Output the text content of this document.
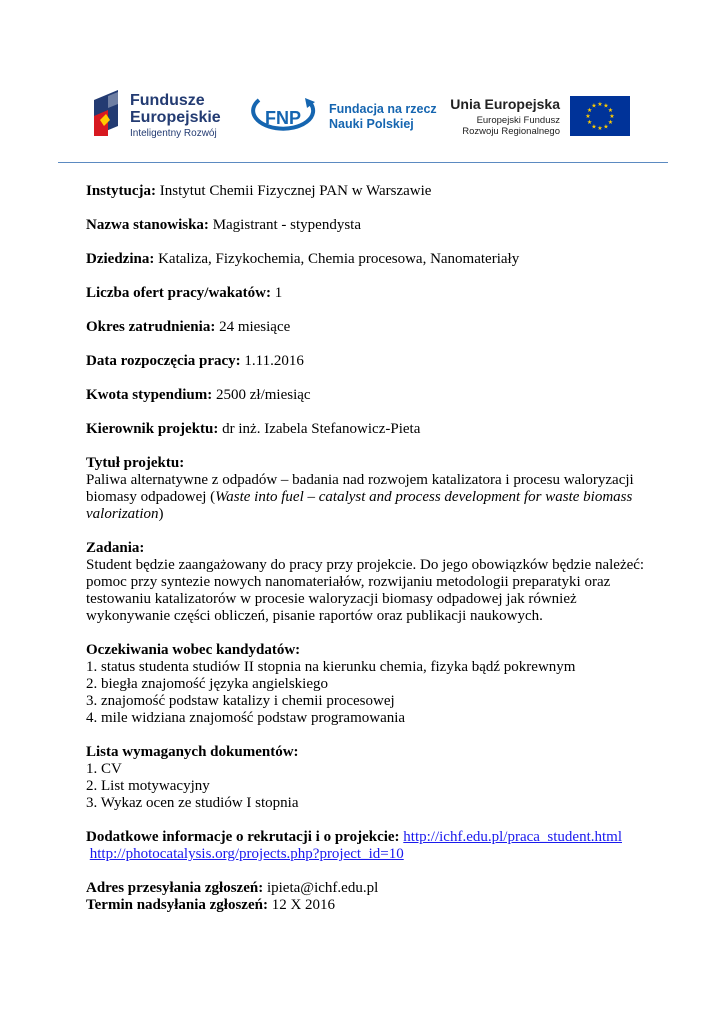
Fundusze
Europejskie
Inteligentny Rozwój
FNP Fundacja na rzecz
Nauki Polskiej
Unia Europejska
Europejski Fundusz
Rozwoju Regionalnego
★ ★
★
★
★
★
★
★
★
★
★
★

Instytucja: Instytut Chemii Fizycznej PAN w Warszawie

Nazwa stanowiska: Magistrant - stypendysta

Dziedzina: Kataliza, Fizykochemia, Chemia procesowa, Nanomateriały

Liczba ofert pracy/wakatów: 1

Okres zatrudnienia: 24 miesiące

Data rozpoczęcia pracy: 1.11.2016

Kwota stypendium: 2500 zł/miesiąc

Kierownik projektu: dr inż. Izabela Stefanowicz-Pieta

Tytuł projektu:
Paliwa alternatywne z odpadów – badania nad rozwojem katalizatora i procesu waloryzacji biomasy odpadowej (Waste into fuel – catalyst and process development for waste biomass valorization)
Zadania:
Student będzie zaangażowany do pracy przy projekcie. Do jego obowiązków będzie należeć: pomoc przy syntezie nowych nanomateriałów, rozwijaniu metodologii preparatyki oraz testowaniu katalizatorów w procesie waloryzacji biomasy odpadowej jak również wykonywanie części obliczeń, pisanie raportów oraz publikacji naukowych.
Oczekiwania wobec kandydatów:
1. status studenta studiów II stopnia na kierunku chemia, fizyka bądź pokrewnym
2. biegła znajomość języka angielskiego
3. znajomość podstaw katalizy i chemii procesowej
4. mile widziana znajomość podstaw programowania
Lista wymaganych dokumentów:
1. CV
2. List motywacyjny
3. Wykaz ocen ze studiów I stopnia
Dodatkowe informacje o rekrutacji i o projekcie: http://ichf.edu.pl/praca_student.html
http://photocatalysis.org/projects.php?project_id=10
Adres przesyłania zgłoszeń: ipieta@ichf.edu.pl
Termin nadsyłania zgłoszeń: 12 X 2016
